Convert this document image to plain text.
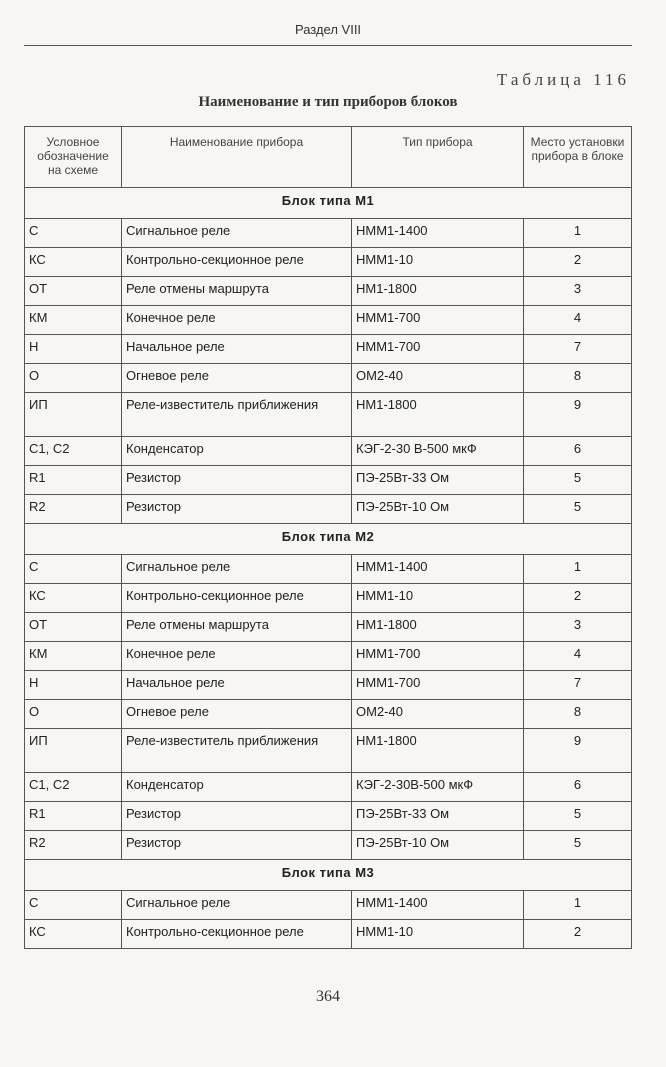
Раздел VIII
Таблица 116
Наименование и тип приборов блоков
Условное обозначение на схеме	Наименование прибора	Тип прибора	Место установки прибора в блоке
Блок типа М1			
С	Сигнальное реле	НММ1-1400	1
КС	Контрольно-секционное реле	НММ1-10	2
ОТ	Реле отмены маршрута	НМ1-1800	3
КМ	Конечное реле	НММ1-700	4
Н	Начальное реле	НММ1-700	7
О	Огневое реле	ОМ2-40	8
ИП	Реле-известитель приближения	НМ1-1800	9
С1, С2	Конденсатор	КЭГ-2-30 В-500 мкФ	6
R1	Резистор	ПЭ-25Вт-33 Ом	5
R2	Резистор	ПЭ-25Вт-10 Ом	5
Блок типа М2			
С	Сигнальное реле	НММ1-1400	1
КС	Контрольно-секционное реле	НММ1-10	2
ОТ	Реле отмены маршрута	НМ1-1800	3
КМ	Конечное реле	НММ1-700	4
Н	Начальное реле	НММ1-700	7
О	Огневое реле	ОМ2-40	8
ИП	Реле-известитель приближения	НМ1-1800	9
С1, С2	Конденсатор	КЭГ-2-30В-500 мкФ	6
R1	Резистор	ПЭ-25Вт-33 Ом	5
R2	Резистор	ПЭ-25Вт-10 Ом	5
Блок типа М3			
С	Сигнальное реле	НММ1-1400	1
КС	Контрольно-секционное реле	НММ1-10	2
364
